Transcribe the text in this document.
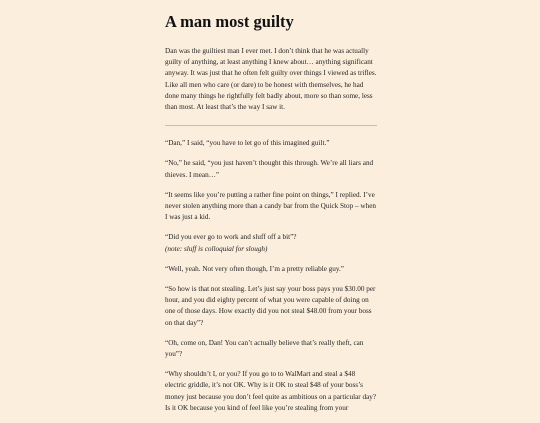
A man most guilty

Dan was the guiltiest man I ever met. I don’t think that he was actually guilty of anything, at least anything I knew about… anything significant anyway. It was just that he often felt guilty over things I viewed as trifles. Like all men who care (or dare) to be honest with themselves, he had done many things he rightfully felt badly about, more so than some, less than most. At least that’s the way I saw it.

“Dan,” I said, “you have to let go of this imagined guilt.”

“No,” he said, “you just haven’t thought this through. We’re all liars and thieves. I mean…”

“It seems like you’re putting a rather fine point on things,” I replied. I’ve never stolen anything more than a candy bar from the Quick Stop – when I was just a kid.

“Did you ever go to work and sluff off a bit”?
(note: sluff is colloquial for slough)

“Well, yeah. Not very often though, I’m a pretty reliable guy.”

“So how is that not stealing. Let’s just say your boss pays you $30.00 per hour, and you did eighty percent of what you were capable of doing on one of those days. How exactly did you not steal $48.00 from your boss on that day”?

“Oh, come on, Dan! You can’t actually believe that’s really theft, can you”?

“Why shouldn’t I, or you? If you go to to WalMart and steal a $48 electric griddle, it’s not OK. Why is it OK to steal $48 of your boss’s money just because you don’t feel quite as ambitious on a particular day? Is it OK because you kind of feel like you’re stealing from your
